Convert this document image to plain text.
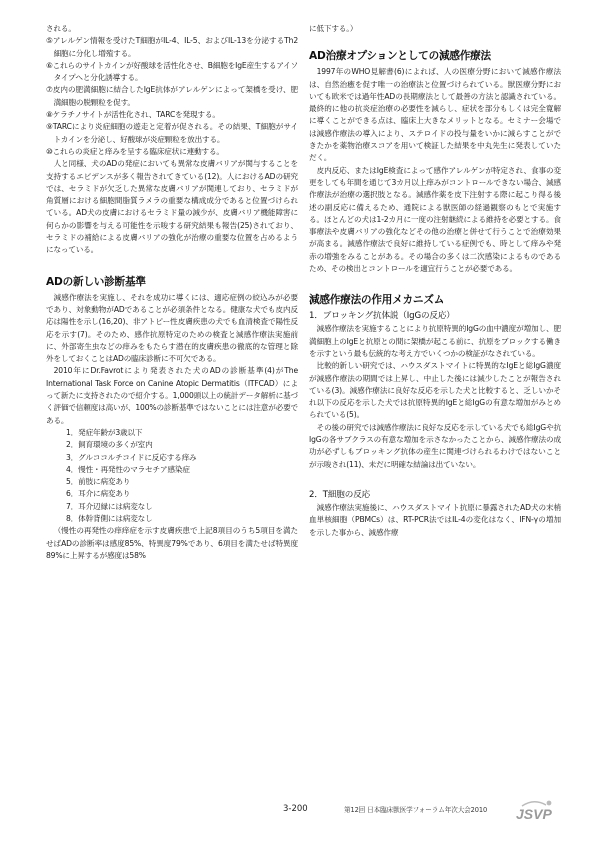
される。

⑤アレルゲン情報を受けたT細胞がIL-4、IL-5、およびIL-13を分泌するTh2細胞に分化し増殖する。

⑥これらのサイトカインが好酸球を活性化させ、B細胞をIgE産生するアイソタイプへと分化誘導する。

⑦皮内の肥満細胞に結合したIgE抗体がアレルゲンによって架橋を受け、肥満細胞の脱顆粒を促す。

⑧ケラチノサイトが活性化され、TARCを発現する。

⑨TARCにより炎症細胞の遊走と定着が促される。その結果、T細胞がサイトカインを分泌し、好酸球が炎症顆粒を放出する。

⑩これらの炎症と痒みを呈する臨床症状に連動する。

人と同様、犬のADの発症においても異常な皮膚バリアが関与することを支持するエビデンスが多く報告されてきている(12)。人におけるADの研究では、セラミドが欠乏した異常な皮膚バリアが関連しており、セラミドが角質層における細胞間脂質ラメラの重要な構成成分であると位置づけられている。AD犬の皮膚におけるセラミド量の減少が、皮膚バリア機能障害に何らかの影響を与える可能性を示唆する研究結果も報告(25)されており、セラミドの補給による皮膚バリアの強化が治療の重要な位置を占めるようになっている。

ADの新しい診断基準

減感作療法を実施し、それを成功に導くには、適応症例の絞込みが必要であり、対象動物がADであることが必須条件となる。健康な犬でも皮内反応は陽性を示し(16,20)、非アトピー性皮膚疾患の犬でも血清検査で陽性反応を示す(7)。そのため、感作抗原特定のための検査と減感作療法実施前に、外部寄生虫などの痒みをもたらす潜在的皮膚疾患の徹底的な管理と除外をしておくことはADの臨床診断に不可欠である。

2010年にDr.Favrotにより発表された犬のADの診断基準(4)がThe International Task Force on Canine Atopic Dermatitis（ITFCAD）によって新たに支持されたので紹介する。1,000頭以上の統計データ解析に基づく評価で信頼度は高いが、100%の診断基準ではないことには注意が必要である。

1．発症年齢が3歳以下

2．飼育環境の多くが室内

3．グルココルチコイドに反応する痒み

4．慢性・再発性のマラセチア感染症

5．前肢に病変あり

6．耳介に病変あり

7．耳介辺縁には病変なし

8．体幹背側には病変なし

（慢性の再発性の痒痒症を示す皮膚疾患で上記8項目のうち5項目を満たせばADの診断率は感度85%、特異度79%であり、6項目を満たせば特異度89%に上昇するが感度は58%

に低下する。）

AD治療オプションとしての減感作療法

1997年のWHO見解書(6)によれば、人の医療分野において減感作療法は、自然治癒を促す唯一の治療法と位置づけられている。獣医療分野においても欧米では過年性ADの長期療法として最善の方法と認識されている。最終的に他の抗炎症治療の必要性を減らし、症状を部分もしくは完全寛解に導くことができる点は、臨床上大きなメリットとなる。セミナー会場では減感作療法の導入により、ステロイドの投与量をいかに減らすことができたかを薬物治療スコアを用いて検証した結果を中丸先生に発表していただく。

皮内反応、またはIgE検査によって感作アレルゲンが特定され、食事の変更をしても年間を通じて3カ月以上痒みがコントロールできない場合、減感作療法が治療の選択肢となる。減感作薬を皮下注射する際に起こり得る後述の副反応に備えるため、通院による獣医師の経過観察のもとで実施する。ほとんどの犬は1-2カ月に一度の注射継続による維持を必要とする。食事療法や皮膚バリアの強化などその他の治療と併せて行うことで治療効果が高まる。減感作療法で良好に維持している症例でも、時として痒みや発赤の増強をみることがある。その場合の多くは二次感染によるものであるため、その検出とコントロールを適宜行うことが必要である。

減感作療法の作用メカニズム
1．ブロッキング抗体説（IgGの反応）

減感作療法を実施することにより抗原特異的IgGの血中濃度が増加し、肥満細胞上のIgEと抗原との間に架橋が起こる前に、抗原をブロックする働きを示すという最も伝統的な考え方でいくつかの検証がなされている。

比較的新しい研究では、ハウスダストマイトに特異的なIgEと総IgG濃度が減感作療法の期間では上昇し、中止した後には減少したことが報告されている(3)。減感作療法に良好な反応を示した犬と比較すると、乏しいかそれ以下の反応を示した犬では抗原特異的IgEと総IgGの有意な増加がみとめられている(5)。

その後の研究では減感作療法に良好な反応を示している犬でも総IgGや抗IgGの各サブクラスの有意な増加を示さなかったことから、減感作療法の成功が必ずしもブロッキング抗体の産生に関連づけられるわけではないことが示唆され(11)、未だに明確な結論は出ていない。

2．T細胞の反応

減感作療法実施後に、ハウスダストマイト抗原に暴露されたAD犬の末梢血単核細胞（PBMCs）は、RT-PCR法ではIL-4の変化はなく、IFN-γの増加を示した事から、減感作療

3-200	第12回 日本臨床獣医学フォーラム年次大会2010 JSVP
